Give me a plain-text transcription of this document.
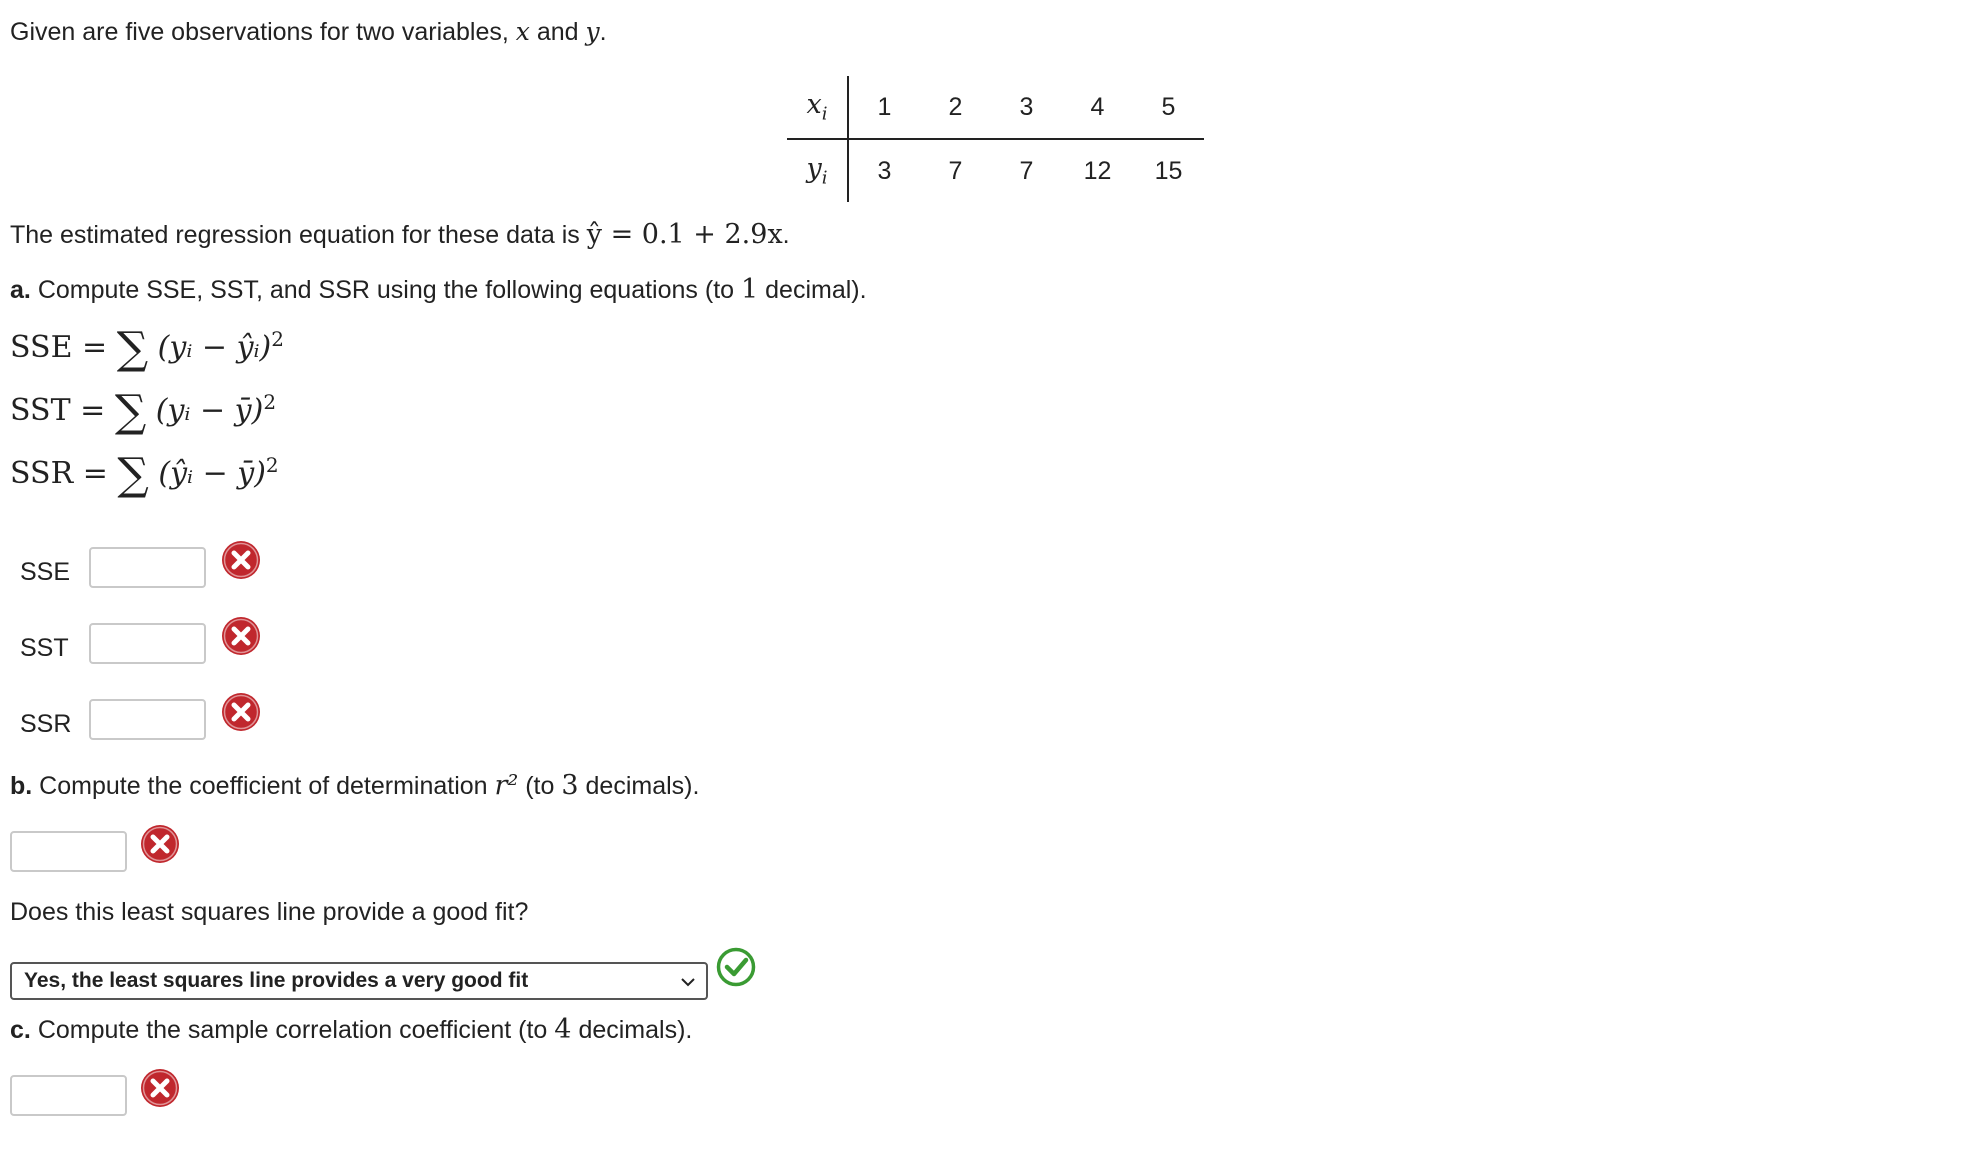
Given are five observations for two variables, x and y.
$x_i$	1	2	3	4	5
$y_i$	3	7	7	12	15
The estimated regression equation for these data is ŷ = 0.1 + 2.9x.
a. Compute SSE, SST, and SSR using the following equations (to 1 decimal).
SSE = ∑ (yᵢ − ŷᵢ)$^2$
SST = ∑ (yᵢ − ȳ)$^2$
SSR = ∑ (ŷᵢ − ȳ)$^2$
SSE
SST
SSR
b. Compute the coefficient of determination r² (to 3 decimals).
Does this least squares line provide a good fit?
Yes, the least squares line provides a very good fit
c. Compute the sample correlation coefficient (to 4 decimals).
